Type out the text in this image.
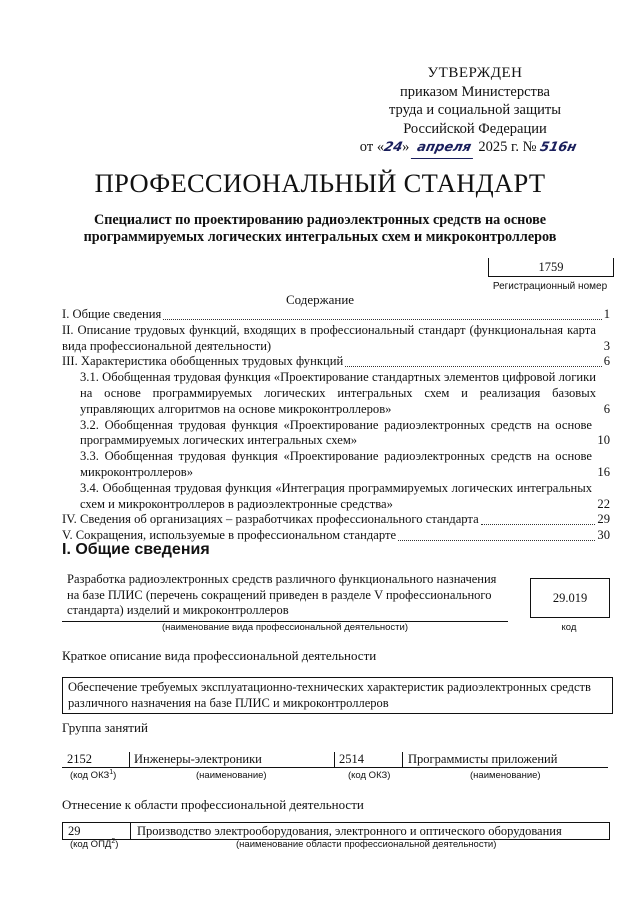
УТВЕРЖДЕН
приказом Министерства
труда и социальной защиты
Российской Федерации
от «24» апреля 2025 г. № 516н
ПРОФЕССИОНАЛЬНЫЙ СТАНДАРТ
Специалист по проектированию радиоэлектронных средств на основе программируемых логических интегральных схем и микроконтроллеров
1759
Регистрационный номер
Содержание
I. Общие сведения	1
II. Описание трудовых функций, входящих в профессиональный стандарт (функциональная карта вида профессиональной деятельности)	3
III. Характеристика обобщенных трудовых функций	6
3.1. Обобщенная трудовая функция «Проектирование стандартных элементов цифровой логики на основе программируемых логических интегральных схем и реализация базовых управляющих алгоритмов на основе микроконтроллеров»	6
3.2. Обобщенная трудовая функция «Проектирование радиоэлектронных средств на основе программируемых логических интегральных схем»	10
3.3. Обобщенная трудовая функция «Проектирование радиоэлектронных средств на основе микроконтроллеров»	16
3.4. Обобщенная трудовая функция «Интеграция программируемых логических интегральных схем и микроконтроллеров в радиоэлектронные средства»	22
IV. Сведения об организациях – разработчиках профессионального стандарта	29
V. Сокращения, используемые в профессиональном стандарте	30
I. Общие сведения
Разработка радиоэлектронных средств различного функционального назначения на базе ПЛИС (перечень сокращений приведен в разделе V профессионального стандарта) изделий и микроконтроллеров
(наименование вида профессиональной деятельности)
29.019
код
Краткое описание вида профессиональной деятельности
Обеспечение требуемых эксплуатационно-технических характеристик радиоэлектронных средств различного назначения на базе ПЛИС и микроконтроллеров
Группа занятий
2152	Инженеры-электроники	2514	Программисты приложений
(код ОКЗ$^1$)	(наименование)	(код ОКЗ)	(наименование)
Отнесение к области профессиональной деятельности
29	Производство электрооборудования, электронного и оптического оборудования
(код ОПД$^2$)	(наименование области профессиональной деятельности)
